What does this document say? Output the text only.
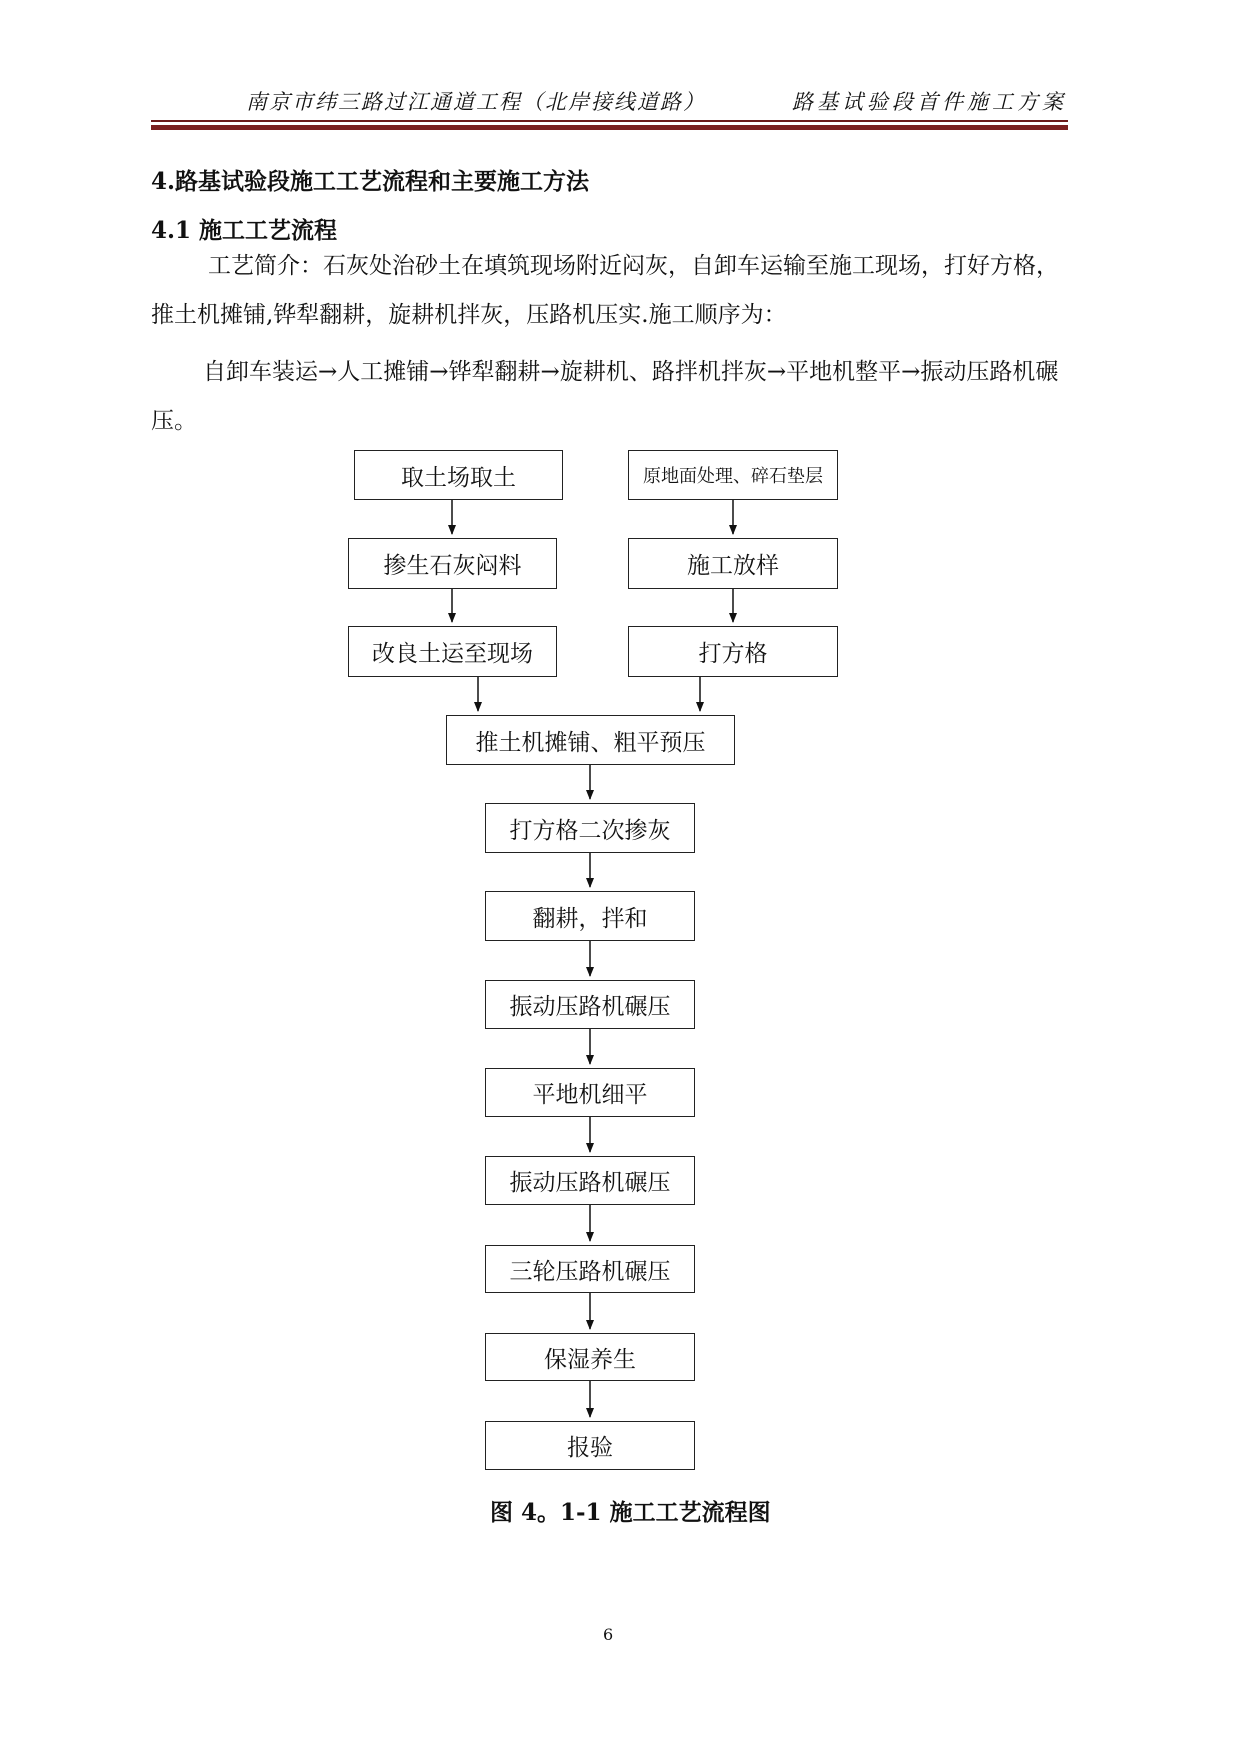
南京市纬三路过江通道工程（北岸接线道路）	路基试验段首件施工方案
4.路基试验段施工工艺流程和主要施工方法
4.1 施工工艺流程
工艺简介：石灰处治砂土在填筑现场附近闷灰，自卸车运输至施工现场，打好方格，推土机摊铺,铧犁翻耕，旋耕机拌灰，压路机压实.施工顺序为：
自卸车装运→人工摊铺→铧犁翻耕→旋耕机、路拌机拌灰→平地机整平→振动压路机碾压。
取土场取土
掺生石灰闷料
改良土运至现场
原地面处理、碎石垫层
施工放样
打方格
推土机摊铺、粗平预压
打方格二次掺灰
翻耕，拌和
振动压路机碾压
平地机细平
振动压路机碾压
三轮压路机碾压
保湿养生
报验
图 4。1-1 施工工艺流程图
6
